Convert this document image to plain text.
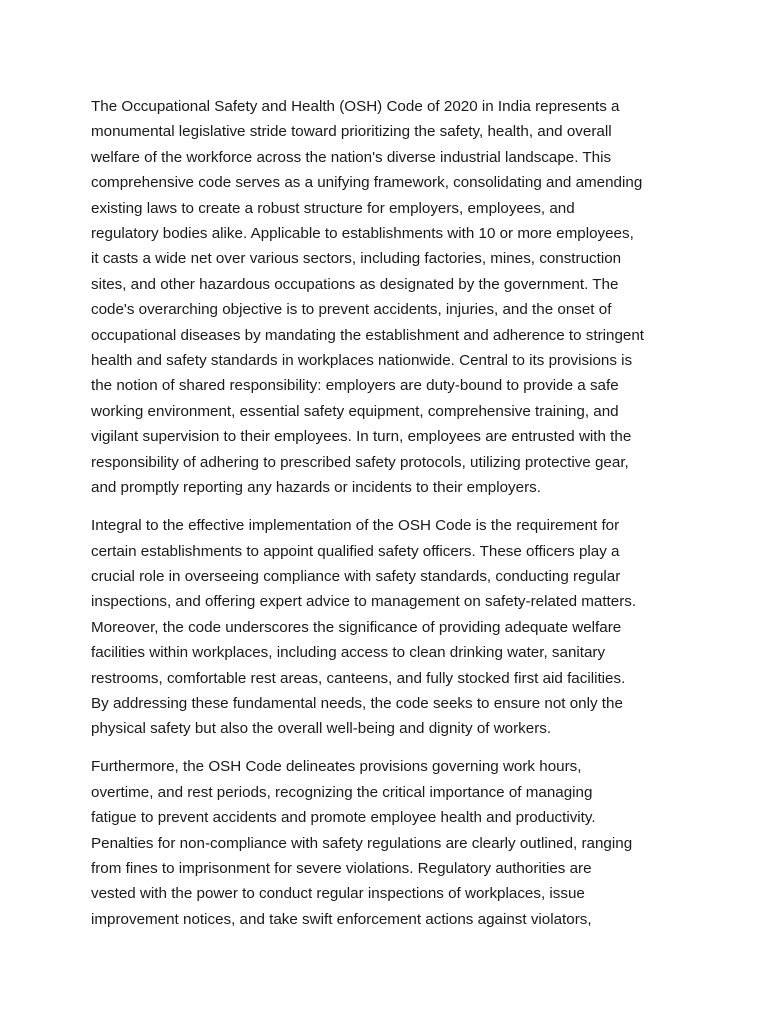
The Occupational Safety and Health (OSH) Code of 2020 in India represents a
monumental legislative stride toward prioritizing the safety, health, and overall
welfare of the workforce across the nation's diverse industrial landscape. This
comprehensive code serves as a unifying framework, consolidating and amending
existing laws to create a robust structure for employers, employees, and
regulatory bodies alike. Applicable to establishments with 10 or more employees,
it casts a wide net over various sectors, including factories, mines, construction
sites, and other hazardous occupations as designated by the government. The
code's overarching objective is to prevent accidents, injuries, and the onset of
occupational diseases by mandating the establishment and adherence to stringent
health and safety standards in workplaces nationwide. Central to its provisions is
the notion of shared responsibility: employers are duty-bound to provide a safe
working environment, essential safety equipment, comprehensive training, and
vigilant supervision to their employees. In turn, employees are entrusted with the
responsibility of adhering to prescribed safety protocols, utilizing protective gear,
and promptly reporting any hazards or incidents to their employers.

Integral to the effective implementation of the OSH Code is the requirement for
certain establishments to appoint qualified safety officers. These officers play a
crucial role in overseeing compliance with safety standards, conducting regular
inspections, and offering expert advice to management on safety-related matters.
Moreover, the code underscores the significance of providing adequate welfare
facilities within workplaces, including access to clean drinking water, sanitary
restrooms, comfortable rest areas, canteens, and fully stocked first aid facilities.
By addressing these fundamental needs, the code seeks to ensure not only the
physical safety but also the overall well-being and dignity of workers.

Furthermore, the OSH Code delineates provisions governing work hours,
overtime, and rest periods, recognizing the critical importance of managing
fatigue to prevent accidents and promote employee health and productivity.
Penalties for non-compliance with safety regulations are clearly outlined, ranging
from fines to imprisonment for severe violations. Regulatory authorities are
vested with the power to conduct regular inspections of workplaces, issue
improvement notices, and take swift enforcement actions against violators,
